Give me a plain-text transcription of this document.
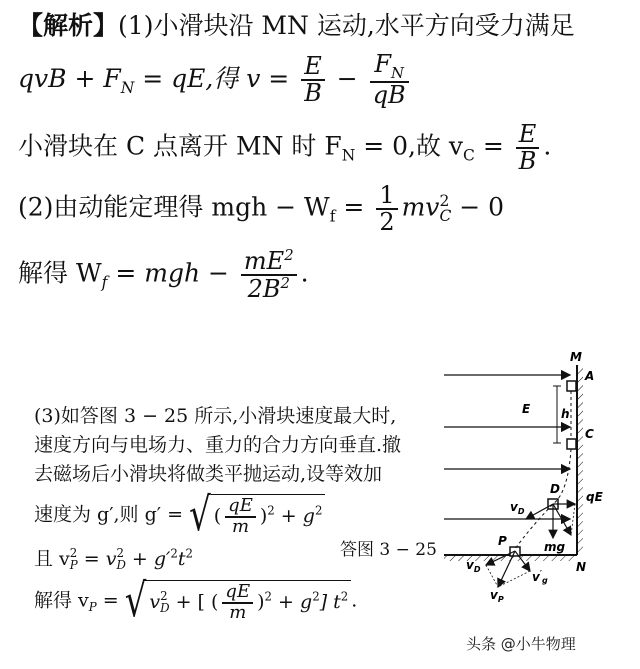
【解析】(1)小滑块沿 MN 运动,水平方向受力满足
qvB + $F_N$ = qE,得 $v = \frac{E}{B} - \frac{F_N}{qB}$
小滑块在 C 点离开 MN 时 $F_N = 0$,故 $v_C = \frac{E}{B}$ .
(2)由动能定理得 mgh − $W_f = \frac{1}{2}$ mv 2
C − 0
解得 $W_f$ = mgh − $\frac{mE^2}{2B^2}$ .
(3)如答图 3 − 25 所示,小滑块速度最大时,
速度方向与电场力、重力的合力方向垂直.撤
去磁场后小滑块将做类平抛运动,设等效加
速度为 g′,则 g′ = √ ( $\frac{qE}{m} )^2 + g^2$
且 v 2
P = v 2
$D + g'^2t^2$
解得 $v_P$ = √ v 2
D + [ ( $\frac{qE}{m} )^2 + g^2$] $t^2$ .
答图 3 − 25
M
N
A
C
E	h
D
qE
$v_D$
mg
P
$v_D$
$v'_g$
$v_P$
头条 @小牛物理
